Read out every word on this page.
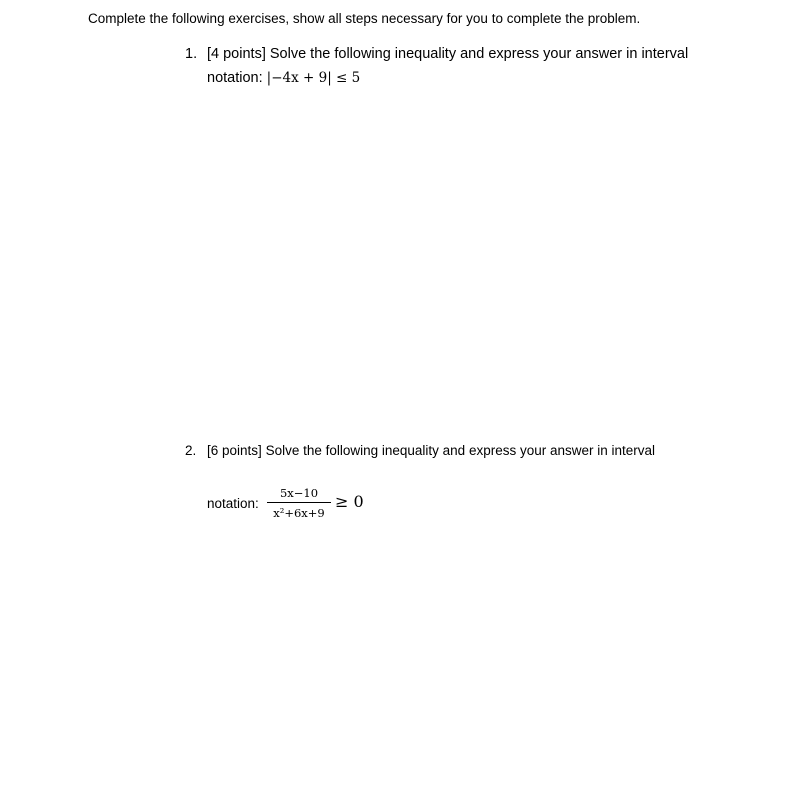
Complete the following exercises, show all steps necessary for you to complete the problem.
1. [4 points] Solve the following inequality and express your answer in interval
notation: |−4x + 9| ≤ 5
2. [6 points] Solve the following inequality and express your answer in interval
notation:
5x−10
x²+6x+9
≥ 0
